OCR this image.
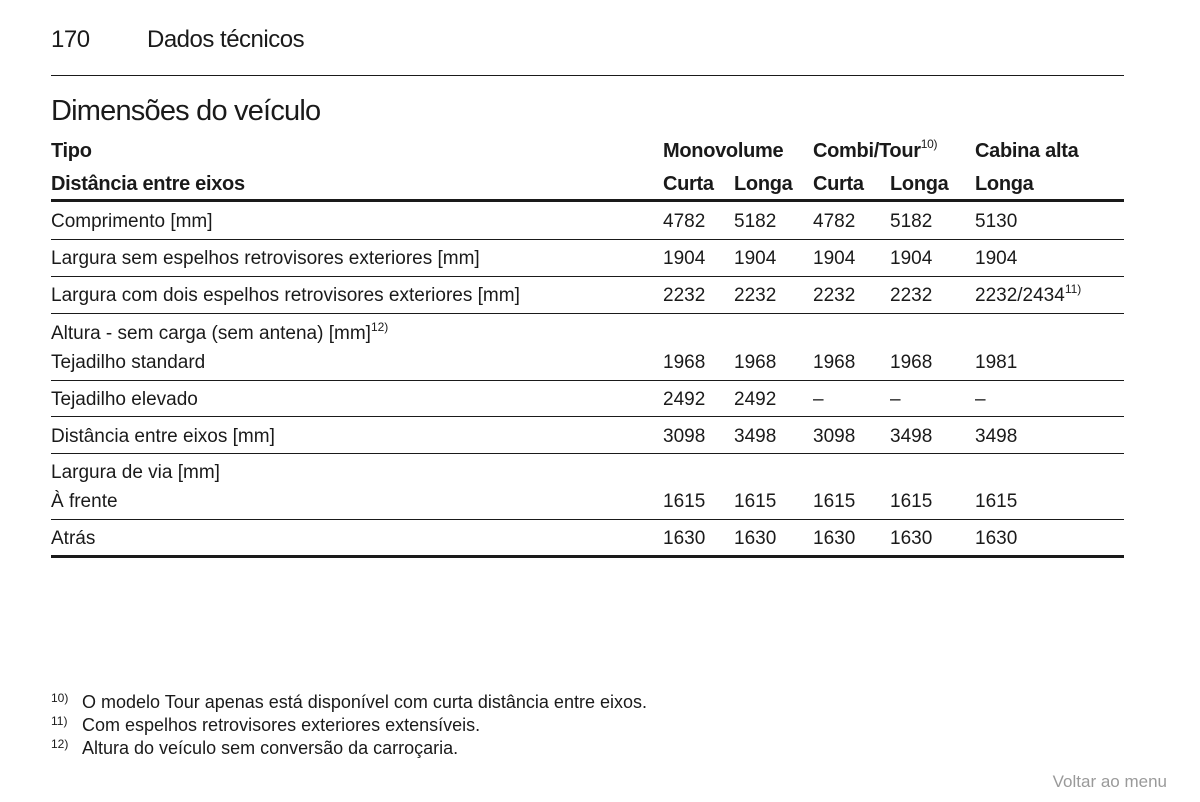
170 Dados técnicos
Dimensões do veículo
Tipo	Monovolume Combi/Tour$^{10)}$ Cabina alta
Distância entre eixos	Curta Longa Curta Longa Longa
Comprimento [mm]	4782 5182 4782 5182 5130
Largura sem espelhos retrovisores exteriores [mm]	1904 1904 1904 1904 1904
Largura com dois espelhos retrovisores exteriores [mm]	2232 2232 2232 2232 2232/2434$^{11)}$
Altura - sem carga (sem antena) [mm]$^{12)}$
Tejadilho standard	1968 1968 1968 1968 1981
Tejadilho elevado	2492 2492 –	–	–
Distância entre eixos [mm]	3098 3498 3098 3498 3498
Largura de via [mm]
À frente	1615 1615 1615 1615 1615
Atrás	1630 1630 1630 1630 1630
10) O modelo Tour apenas está disponível com curta distância entre eixos.
11) Com espelhos retrovisores exteriores extensíveis.
12) Altura do veículo sem conversão da carroçaria.
Voltar ao menu
